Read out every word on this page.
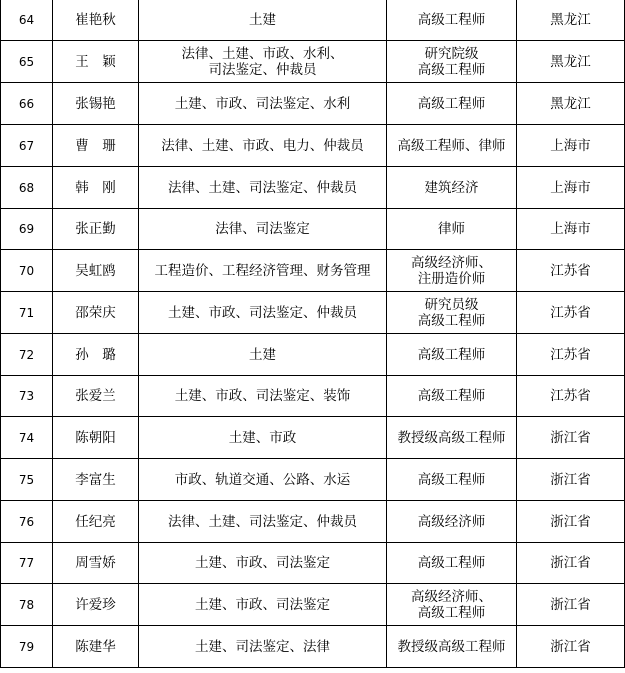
64	崔艳秋	土建	高级工程师	黑龙江
65	王　颖	法律、土建、市政、水利、
司法鉴定、仲裁员	研究院级
高级工程师	黑龙江
66	张锡艳	土建、市政、司法鉴定、水利	高级工程师	黑龙江
67	曹　珊	法律、土建、市政、电力、仲裁员	高级工程师、律师	上海市
68	韩　刚	法律、土建、司法鉴定、仲裁员	建筑经济	上海市
69	张正勤	法律、司法鉴定	律师	上海市
70	吴虹鸥	工程造价、工程经济管理、财务管理	高级经济师、
注册造价师	江苏省
71	邵荣庆	土建、市政、司法鉴定、仲裁员	研究员级
高级工程师	江苏省
72	孙　璐	土建	高级工程师	江苏省
73	张爱兰	土建、市政、司法鉴定、装饰	高级工程师	江苏省
74	陈朝阳	土建、市政	教授级高级工程师	浙江省
75	李富生	市政、轨道交通、公路、水运	高级工程师	浙江省
76	任纪亮	法律、土建、司法鉴定、仲裁员	高级经济师	浙江省
77	周雪娇	土建、市政、司法鉴定	高级工程师	浙江省
78	许爱珍	土建、市政、司法鉴定	高级经济师、
高级工程师	浙江省
79	陈建华	土建、司法鉴定、法律	教授级高级工程师	浙江省
